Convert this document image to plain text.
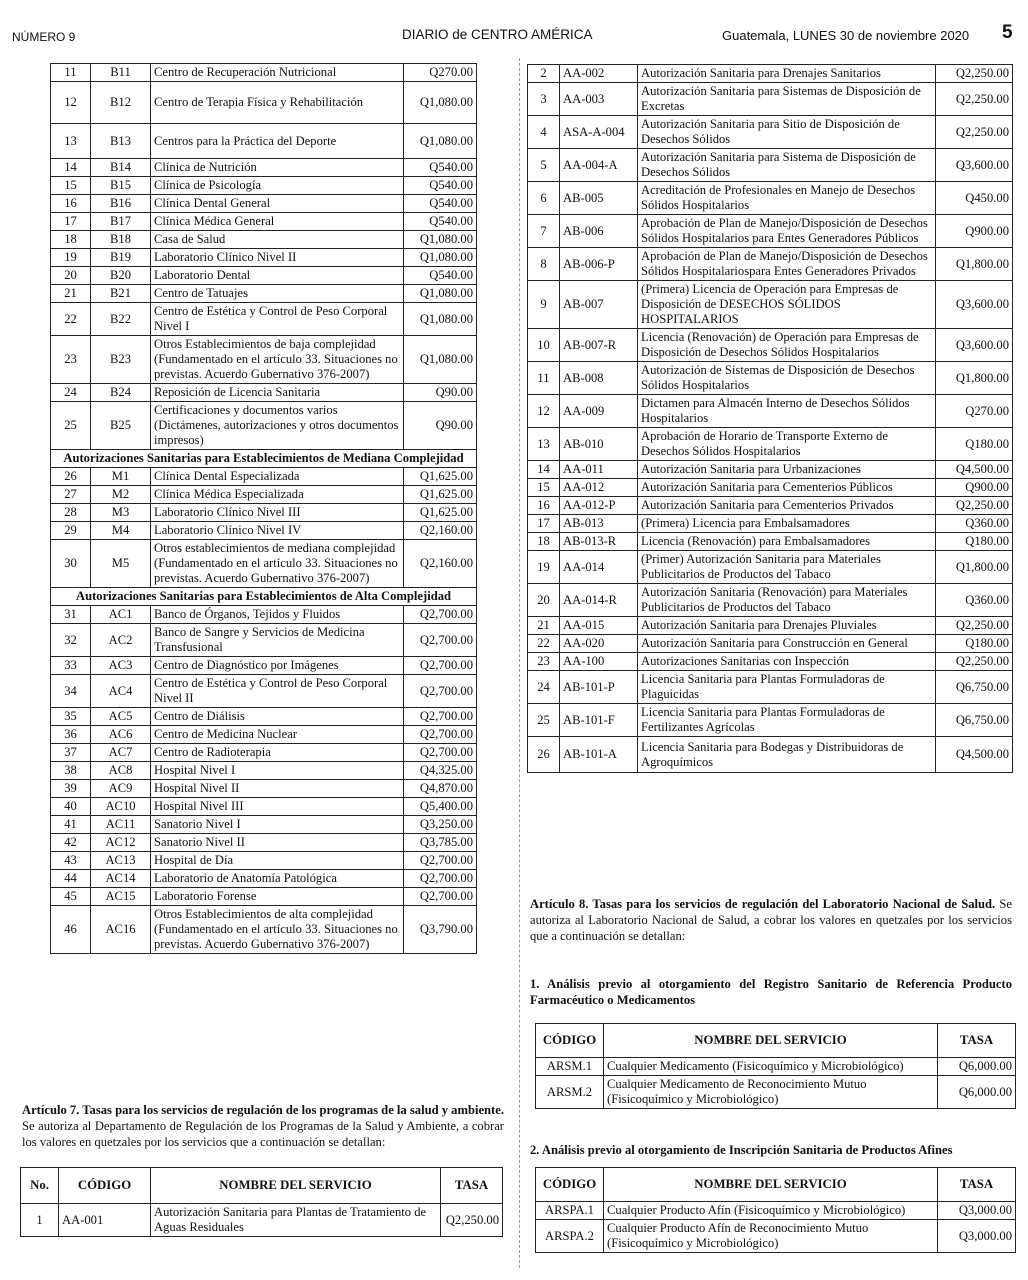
NÚMERO 9	DIARIO de CENTRO AMÉRICA	Guatemala, LUNES 30 de noviembre 2020 5
11	B11	Centro de Recuperación Nutricional	Q270.00
12	B12	Centro de Terapia Física y Rehabilitación	Q1,080.00
13	B13	Centros para la Práctica del Deporte	Q1,080.00
14	B14	Clínica de Nutrición	Q540.00
15	B15	Clínica de Psicología	Q540.00
16	B16	Clínica Dental General	Q540.00
17	B17	Clínica Médica General	Q540.00
18	B18	Casa de Salud	Q1,080.00
19	B19	Laboratorio Clínico Nivel II	Q1,080.00
20	B20	Laboratorio Dental	Q540.00
21	B21	Centro de Tatuajes	Q1,080.00
22	B22	Centro de Estética y Control de Peso Corporal Nivel I	Q1,080.00
23	B23	Otros Establecimientos de baja complejidad (Fundamentado en el artículo 33. Situaciones no previstas. Acuerdo Gubernativo 376-2007)	Q1,080.00
24	B24	Reposición de Licencia Sanitaria	Q90.00
25	B25	Certificaciones y documentos varios (Dictámenes, autorizaciones y otros documentos impresos)	Q90.00
Autorizaciones Sanitarias para Establecimientos de Mediana Complejidad			
26	M1	Clínica Dental Especializada	Q1,625.00
27	M2	Clínica Médica Especializada	Q1,625.00
28	M3	Laboratorio Clínico Nivel III	Q1,625.00
29	M4	Laboratorio Clínico Nivel IV	Q2,160.00
30	M5	Otros establecimientos de mediana complejidad (Fundamentado en el artículo 33. Situaciones no previstas. Acuerdo Gubernativo 376-2007)	Q2,160.00
Autorizaciones Sanitarias para Establecimientos de Alta Complejidad			
31	AC1	Banco de Órganos, Tejidos y Fluidos	Q2,700.00
32	AC2	Banco de Sangre y Servicios de Medicina Transfusional	Q2,700.00
33	AC3	Centro de Diagnóstico por Imágenes	Q2,700.00
34	AC4	Centro de Estética y Control de Peso Corporal Nivel II	Q2,700.00
35	AC5	Centro de Diálisis	Q2,700.00
36	AC6	Centro de Medicina Nuclear	Q2,700.00
37	AC7	Centro de Radioterapia	Q2,700.00
38	AC8	Hospital Nivel I	Q4,325.00
39	AC9	Hospital Nivel II	Q4,870.00
40	AC10	Hospital Nivel III	Q5,400.00
41	AC11	Sanatorio Nivel I	Q3,250.00
42	AC12	Sanatorio Nivel II	Q3,785.00
43	AC13	Hospital de Día	Q2,700.00
44	AC14	Laboratorio de Anatomía Patológica	Q2,700.00
45	AC15	Laboratorio Forense	Q2,700.00
46	AC16	Otros Establecimientos de alta complejidad (Fundamentado en el artículo 33. Situaciones no previstas. Acuerdo Gubernativo 376-2007)	Q3,790.00
2	AA-002	Autorización Sanitaria para Drenajes Sanitarios	Q2,250.00
3	AA-003	Autorización Sanitaria para Sistemas de Disposición de Excretas	Q2,250.00
4	ASA-A-004	Autorización Sanitaria para Sitio de Disposición de Desechos Sólidos	Q2,250.00
5	AA-004-A	Autorización Sanitaria para Sistema de Disposición de Desechos Sólidos	Q3,600.00
6	AB-005	Acreditación de Profesionales en Manejo de Desechos Sólidos Hospitalarios	Q450.00
7	AB-006	Aprobación de Plan de Manejo/Disposición de Desechos Sólidos Hospitalarios para Entes Generadores Públicos	Q900.00
8	AB-006-P	Aprobación de Plan de Manejo/Disposición de Desechos Sólidos Hospitalariospara Entes Generadores Privados	Q1,800.00
9	AB-007	(Primera) Licencia de Operación para Empresas de Disposición de DESECHOS SÓLIDOS HOSPITALARIOS	Q3,600.00
10	AB-007-R	Licencia (Renovación) de Operación para Empresas de Disposición de Desechos Sólidos Hospitalarios	Q3,600.00
11	AB-008	Autorización de Sistemas de Disposición de Desechos Sólidos Hospitalarios	Q1,800.00
12	AA-009	Dictamen para Almacén Interno de Desechos Sólidos Hospitalarios	Q270.00
13	AB-010	Aprobación de Horario de Transporte Externo de Desechos Sólidos Hospitalarios	Q180.00
14	AA-011	Autorización Sanitaria para Urbanizaciones	Q4,500.00
15	AA-012	Autorización Sanitaria para Cementerios Públicos	Q900.00
16	AA-012-P	Autorización Sanitaria para Cementerios Privados	Q2,250.00
17	AB-013	(Primera) Licencia para Embalsamadores	Q360.00
18	AB-013-R	Licencia (Renovación) para Embalsamadores	Q180.00
19	AA-014	(Primer) Autorización Sanitaria para Materiales Publicitarios de Productos del Tabaco	Q1,800.00
20	AA-014-R	Autorización Sanitaria (Renovación) para Materiales Publicitarios de Productos del Tabaco	Q360.00
21	AA-015	Autorización Sanitaria para Drenajes Pluviales	Q2,250.00
22	AA-020	Autorización Sanitaria para Construcción en General	Q180.00
23	AA-100	Autorizaciones Sanitarias con Inspección	Q2,250.00
24	AB-101-P	Licencia Sanitaria para Plantas Formuladoras de Plaguicidas	Q6,750.00
25	AB-101-F	Licencia Sanitaria para Plantas Formuladoras de Fertilizantes Agrícolas	Q6,750.00
26	AB-101-A	Licencia Sanitaria para Bodegas y Distribuidoras de Agroquímicos	Q4,500.00

Artículo 7. Tasas para los servicios de regulación de los programas de la salud y ambiente. Se autoriza al Departamento de Regulación de los Programas de la Salud y Ambiente, a cobrar los valores en quetzales por los servicios que a continuación se detallan:

No.	CÓDIGO	NOMBRE DEL SERVICIO	TASA
1	AA-001	Autorización Sanitaria para Plantas de Tratamiento de Aguas Residuales	Q2,250.00

Artículo 8. Tasas para los servicios de regulación del Laboratorio Nacional de Salud. Se autoriza al Laboratorio Nacional de Salud, a cobrar los valores en quetzales por los servicios que a continuación se detallan:

1. Análisis previo al otorgamiento del Registro Sanitario de Referencia Producto Farmacéutico o Medicamentos

CÓDIGO	NOMBRE DEL SERVICIO	TASA
ARSM.1	Cualquier Medicamento (Fisicoquímico y Microbiológico)	Q6,000.00
ARSM.2	Cualquier Medicamento de Reconocimiento Mutuo (Fisicoquímico y Microbiológico)	Q6,000.00

2. Análisis previo al otorgamiento de Inscripción Sanitaria de Productos Afines

CÓDIGO	NOMBRE DEL SERVICIO	TASA
ARSPA.1	Cualquier Producto Afín (Fisicoquímico y Microbiológico)	Q3,000.00
ARSPA.2	Cualquier Producto Afín de Reconocimiento Mutuo (Fisicoquímico y Microbiológico)	Q3,000.00
